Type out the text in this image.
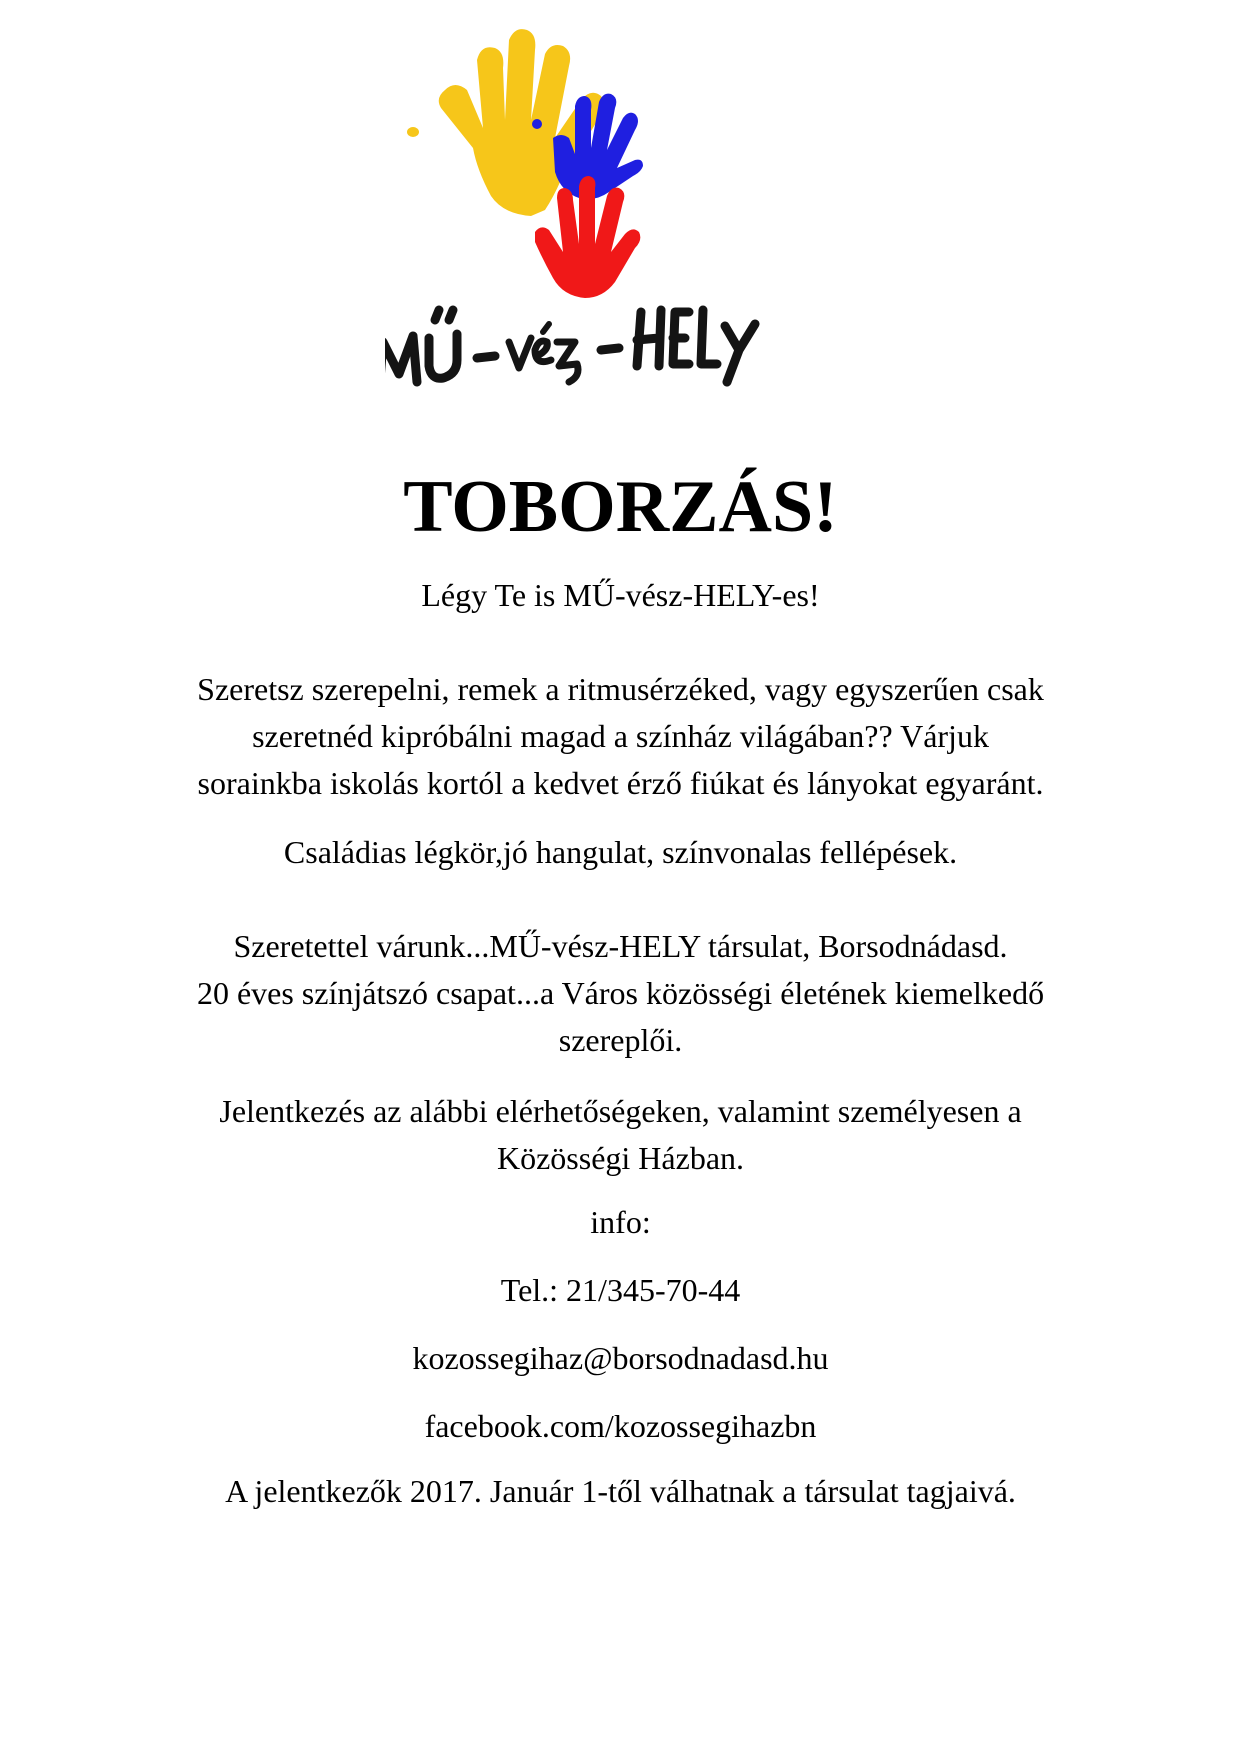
TOBORZÁS!
Légy Te is MŰ-vész-HELY-es!
Szeretsz szerepelni, remek a ritmusérzéked, vagy egyszerűen csak
szeretnéd kipróbálni magad a színház világában?? Várjuk
sorainkba iskolás kortól a kedvet érző fiúkat és lányokat egyaránt.
Családias légkör,jó hangulat, színvonalas fellépések.
Szeretettel várunk...MŰ-vész-HELY társulat, Borsodnádasd.
20 éves színjátszó csapat...a Város közösségi életének kiemelkedő
szereplői.
Jelentkezés az alábbi elérhetőségeken, valamint személyesen a
Közösségi Házban.
info:
Tel.: 21/345-70-44
kozossegihaz@borsodnadasd.hu
facebook.com/kozossegihazbn
A jelentkezők 2017. Január 1-től válhatnak a társulat tagjaivá.
